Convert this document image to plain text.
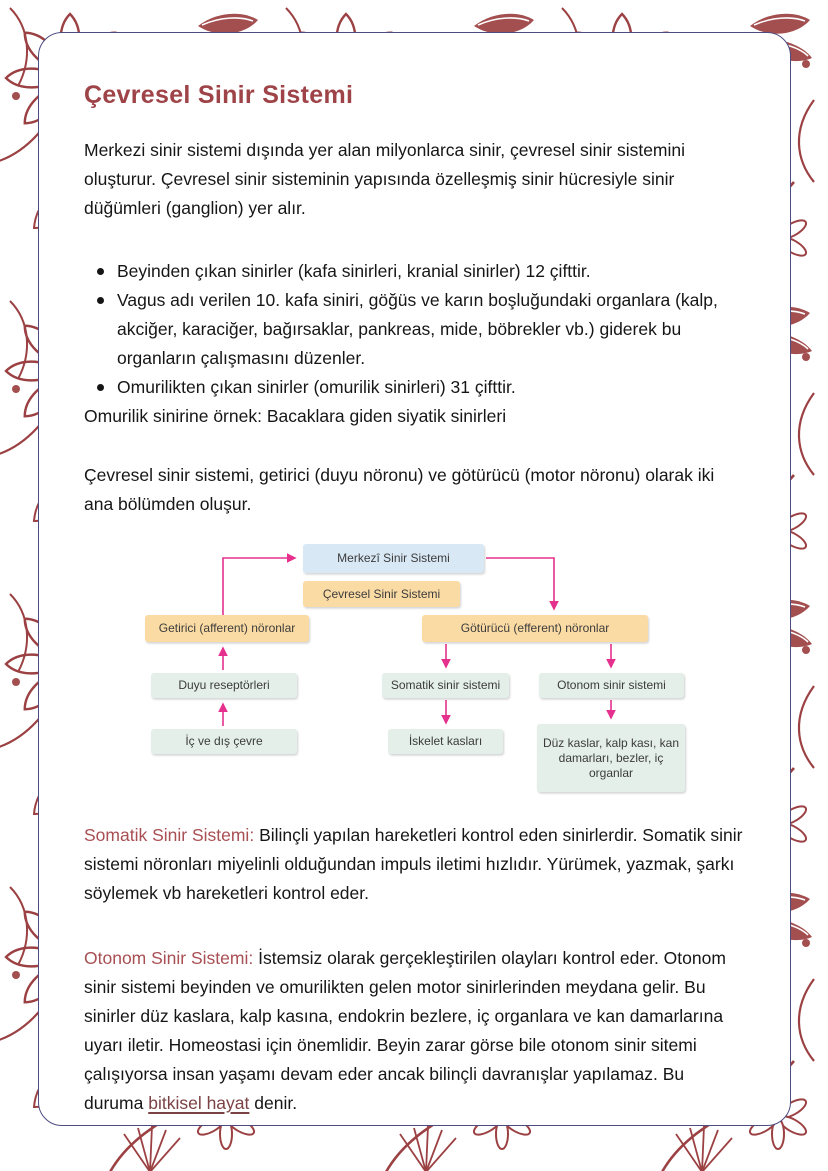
Çevresel Sinir Sistemi

Merkezi sinir sistemi dışında yer alan milyonlarca sinir, çevresel sinir sistemini oluşturur. Çevresel sinir sisteminin yapısında özelleşmiş sinir hücresiyle sinir düğümleri (ganglion) yer alır.

Beyinden çıkan sinirler (kafa sinirleri, kranial sinirler) 12 çifttir.
Vagus adı verilen 10. kafa siniri, göğüs ve karın boşluğundaki organlara (kalp, akciğer, karaciğer, bağırsaklar, pankreas, mide, böbrekler vb.) giderek bu organların çalışmasını düzenler.
Omurilikten çıkan sinirler (omurilik sinirleri) 31 çifttir.

Omurilik sinirine örnek: Bacaklara giden siyatik sinirleri

Çevresel sinir sistemi, getirici (duyu nöronu) ve götürücü (motor nöronu) olarak iki ana bölümden oluşur.

Merkezî Sinir Sistemi
Çevresel Sinir Sistemi
Getirici (afferent) nöronlar	Götürücü (efferent) nöronlar
Duyu reseptörleri
İç ve dış çevre
Somatik sinir sistemi
İskelet kasları
Otonom sinir sistemi
Düz kaslar, kalp kası, kan damarları, bezler, iç organlar

Somatik Sinir Sistemi: Bilinçli yapılan hareketleri kontrol eden sinirlerdir. Somatik sinir sistemi nöronları miyelinli olduğundan impuls iletimi hızlıdır. Yürümek, yazmak, şarkı söylemek vb hareketleri kontrol eder.

Otonom Sinir Sistemi: İstemsiz olarak gerçekleştirilen olayları kontrol eder. Otonom sinir sistemi beyinden ve omurilikten gelen motor sinirlerinden meydana gelir. Bu sinirler düz kaslara, kalp kasına, endokrin bezlere, iç organlara ve kan damarlarına uyarı iletir. Homeostasi için önemlidir. Beyin zarar görse bile otonom sinir sitemi çalışıyorsa insan yaşamı devam eder ancak bilinçli davranışlar yapılamaz. Bu duruma bitkisel hayat denir.
